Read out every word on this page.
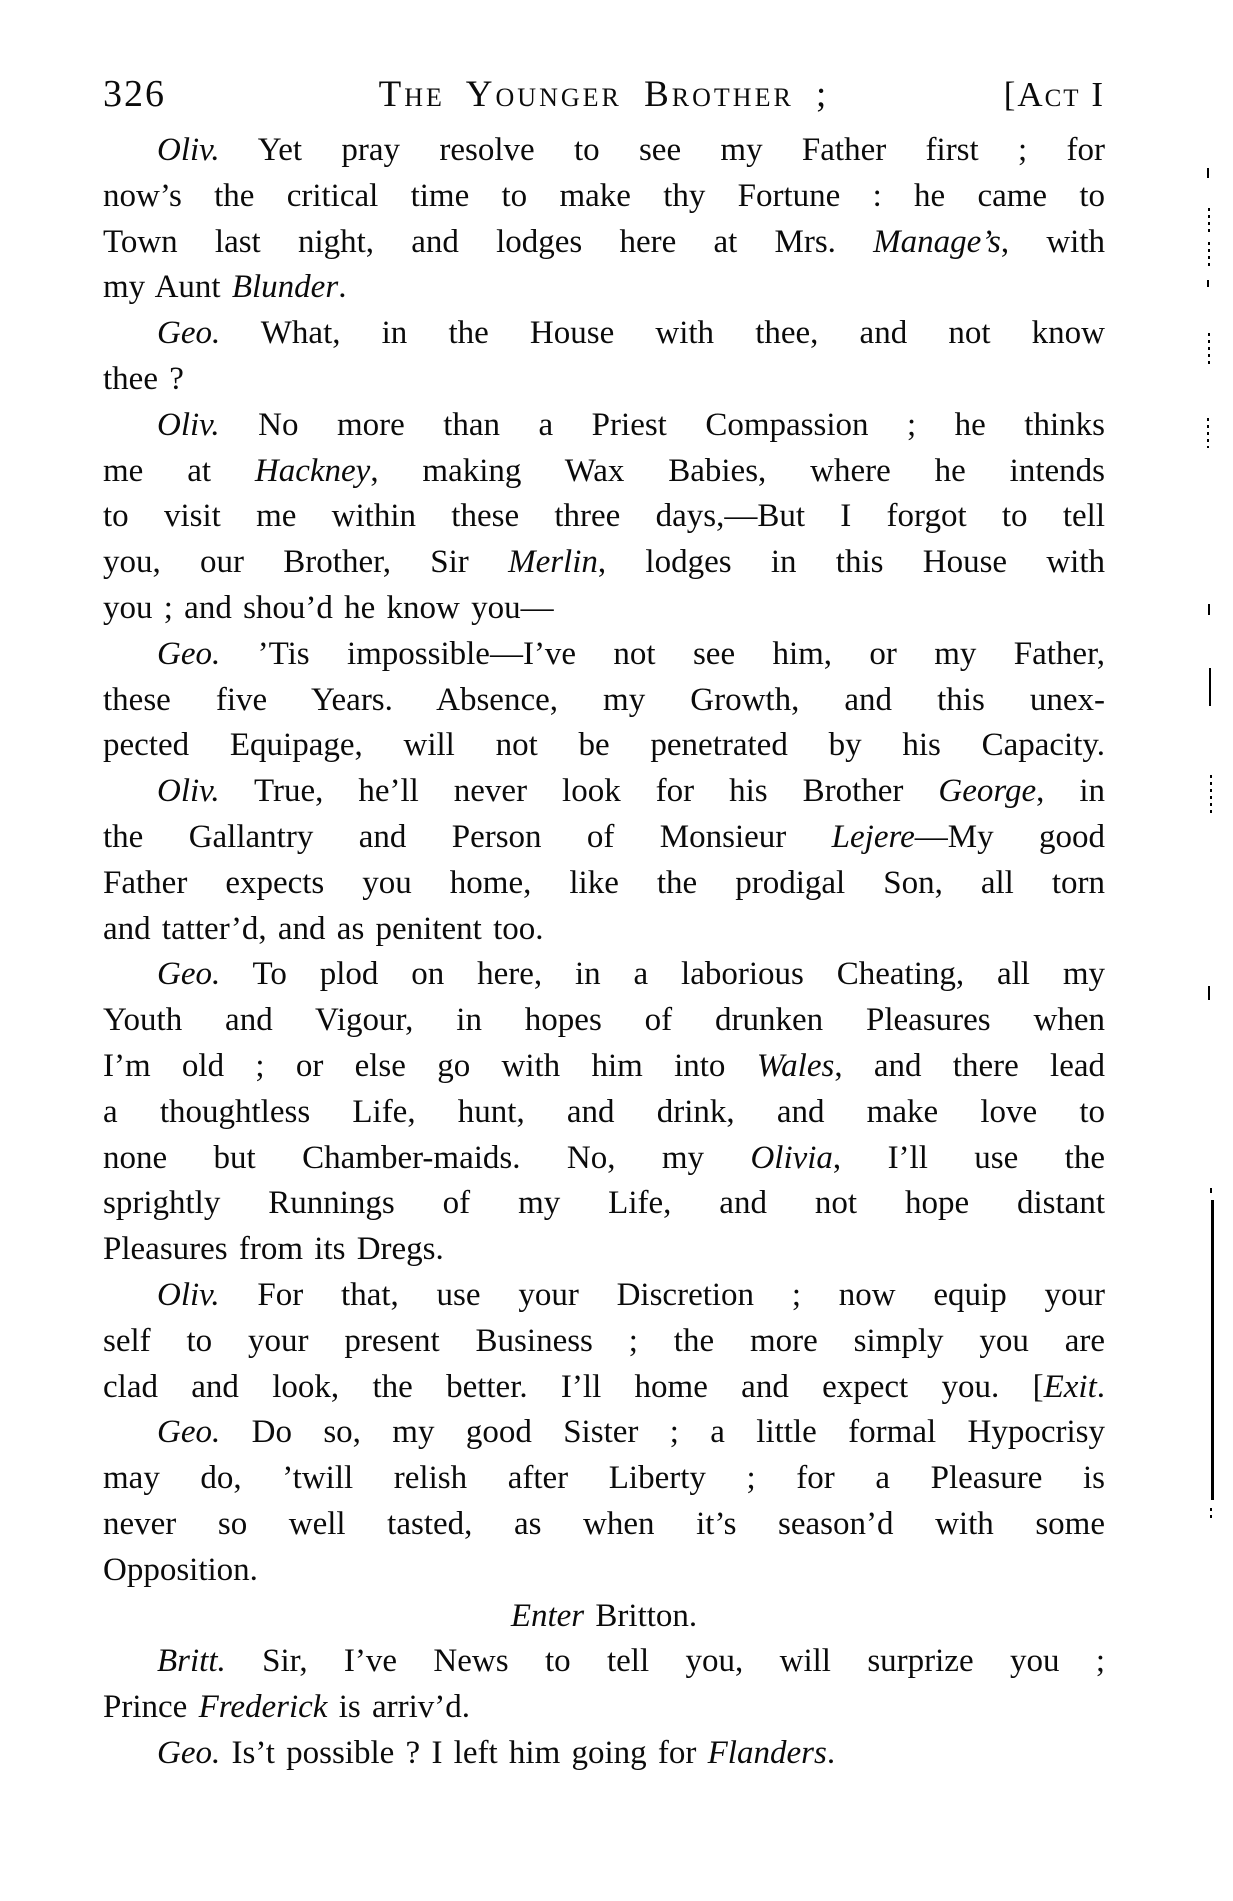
326	The Younger Brother ;	[Act I
Oliv. Yet pray resolve to see my Father first ; for
now’s the critical time to make thy Fortune : he came to
Town last night, and lodges here at Mrs. Manage’s, with
my Aunt Blunder.
Geo. What, in the House with thee, and not know
thee ?
Oliv. No more than a Priest Compassion ; he thinks
me at Hackney, making Wax Babies, where he intends
to visit me within these three days,—But I forgot to tell
you, our Brother, Sir Merlin, lodges in this House with
you ; and shou’d he know you—
Geo. ’Tis impossible—I’ve not see him, or my Father,
these five Years. Absence, my Growth, and this unex-
pected Equipage, will not be penetrated by his Capacity.
Oliv. True, he’ll never look for his Brother George, in
the Gallantry and Person of Monsieur Lejere—My good
Father expects you home, like the prodigal Son, all torn
and tatter’d, and as penitent too.
Geo. To plod on here, in a laborious Cheating, all my
Youth and Vigour, in hopes of drunken Pleasures when
I’m old ; or else go with him into Wales, and there lead
a thoughtless Life, hunt, and drink, and make love to
none but Chamber-maids. No, my Olivia, I’ll use the
sprightly Runnings of my Life, and not hope distant
Pleasures from its Dregs.
Oliv. For that, use your Discretion ; now equip your
self to your present Business ; the more simply you are
clad and look, the better. I’ll home and expect you. [Exit.
Geo. Do so, my good Sister ; a little formal Hypocrisy
may do, ’twill relish after Liberty ; for a Pleasure is
never so well tasted, as when it’s season’d with some
Opposition.
Enter Britton.
Britt. Sir, I’ve News to tell you, will surprize you ;
Prince Frederick is arriv’d.
Geo. Is’t possible ? I left him going for Flanders.
